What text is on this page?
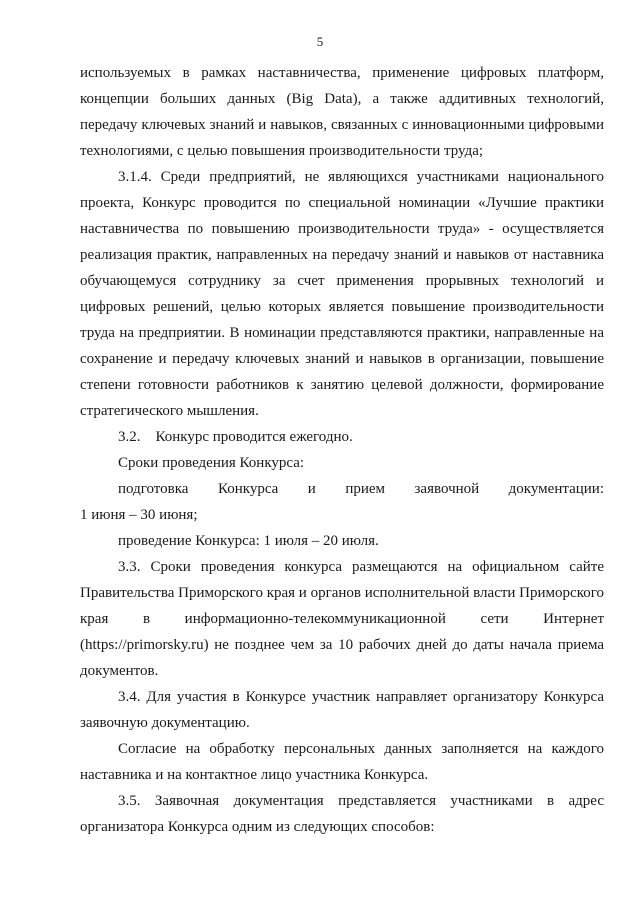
5

используемых в рамках наставничества, применение цифровых платформ, концепции больших данных (Big Data), а также аддитивных технологий, передачу ключевых знаний и навыков, связанных с инновационными цифровыми технологиями, с целью повышения производительности труда;

3.1.4. Среди предприятий, не являющихся участниками национального проекта, Конкурс проводится по специальной номинации «Лучшие практики наставничества по повышению производительности труда» - осуществляется реализация практик, направленных на передачу знаний и навыков от наставника обучающемуся сотруднику за счет применения прорывных технологий и цифровых решений, целью которых является повышение производительности труда на предприятии. В номинации представляются практики, направленные на сохранение и передачу ключевых знаний и навыков в организации, повышение степени готовности работников к занятию целевой должности, формирование стратегического мышления.

3.2.    Конкурс проводится ежегодно.

Сроки проведения Конкурса:

подготовка Конкурса и прием заявочной документации:

1 июня – 30 июня;

проведение Конкурса: 1 июля – 20 июля.

3.3. Сроки проведения конкурса размещаются на официальном сайте Правительства Приморского края и органов исполнительной власти Приморского края в информационно-телекоммуникационной сети Интернет (https://primorsky.ru) не позднее чем за 10 рабочих дней до даты начала приема документов.

3.4. Для участия в Конкурсе участник направляет организатору Конкурса заявочную документацию.

Согласие на обработку персональных данных заполняется на каждого наставника и на контактное лицо участника Конкурса.

3.5. Заявочная документация представляется участниками в адрес организатора Конкурса одним из следующих способов:
